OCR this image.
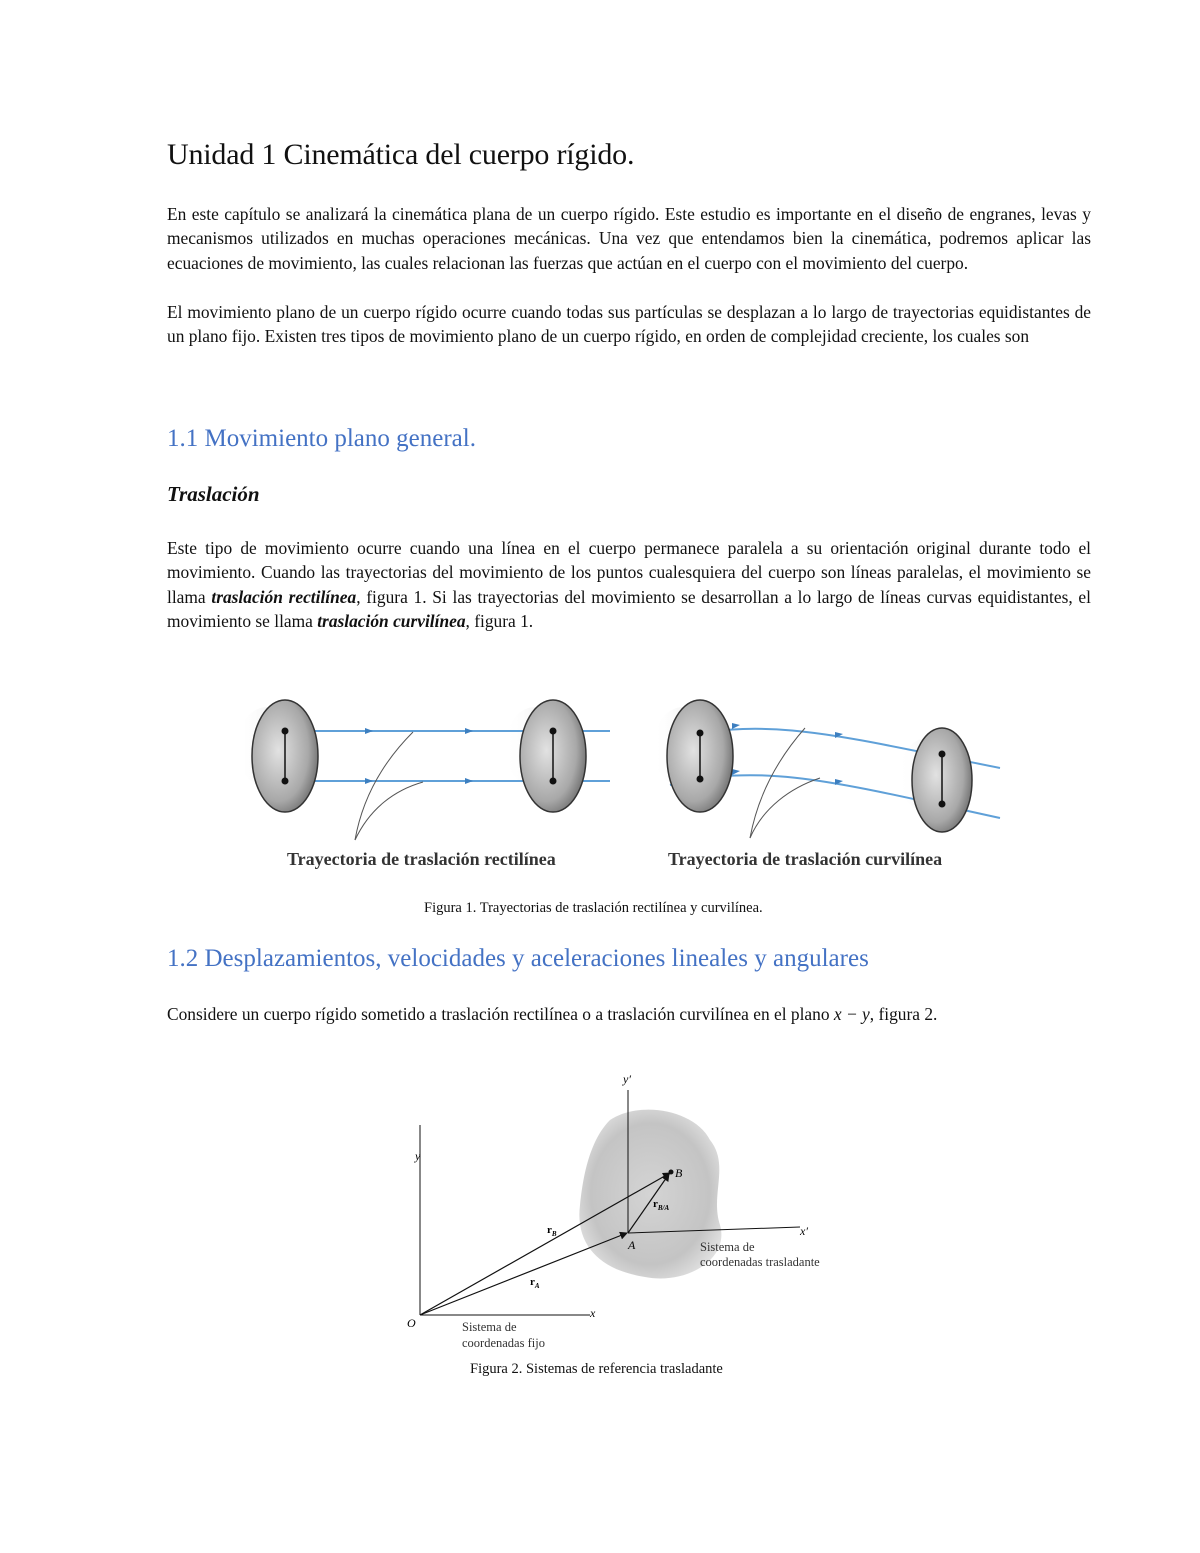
Unidad 1 Cinemática del cuerpo rígido.

En este capítulo se analizará la cinemática plana de un cuerpo rígido. Este estudio es importante en el diseño de engranes, levas y mecanismos utilizados en muchas operaciones mecánicas. Una vez que entendamos bien la cinemática, podremos aplicar las ecuaciones de movimiento, las cuales relacionan las fuerzas que actúan en el cuerpo con el movimiento del cuerpo.

El movimiento plano de un cuerpo rígido ocurre cuando todas sus partículas se desplazan a lo largo de trayectorias equidistantes de un plano fijo. Existen tres tipos de movimiento plano de un cuerpo rígido, en orden de complejidad creciente, los cuales son

1.1 Movimiento plano general.
Traslación

Este tipo de movimiento ocurre cuando una línea en el cuerpo permanece paralela a su orientación original durante todo el movimiento. Cuando las trayectorias del movimiento de los puntos cualesquiera del cuerpo son líneas paralelas, el movimiento se llama traslación rectilínea, figura 1. Si las trayectorias del movimiento se desarrollan a lo largo de líneas curvas equidistantes, el movimiento se llama traslación curvilínea, figura 1.

Trayectoria de traslación rectilínea	Trayectoria de traslación curvilínea

Figura 1. Trayectorias de traslación rectilínea y curvilínea.

1.2 Desplazamientos, velocidades y aceleraciones lineales y angulares

Considere un cuerpo rígido sometido a traslación rectilínea o a traslación curvilínea en el plano x − y, figura 2.

y
x
O
y′
x′
B
A
$r_B$
$r_A$
$r_{B/A}$
Sistema de
coordenadas trasladante
Sistema de
coordenadas fijo

Figura 2. Sistemas de referencia trasladante
